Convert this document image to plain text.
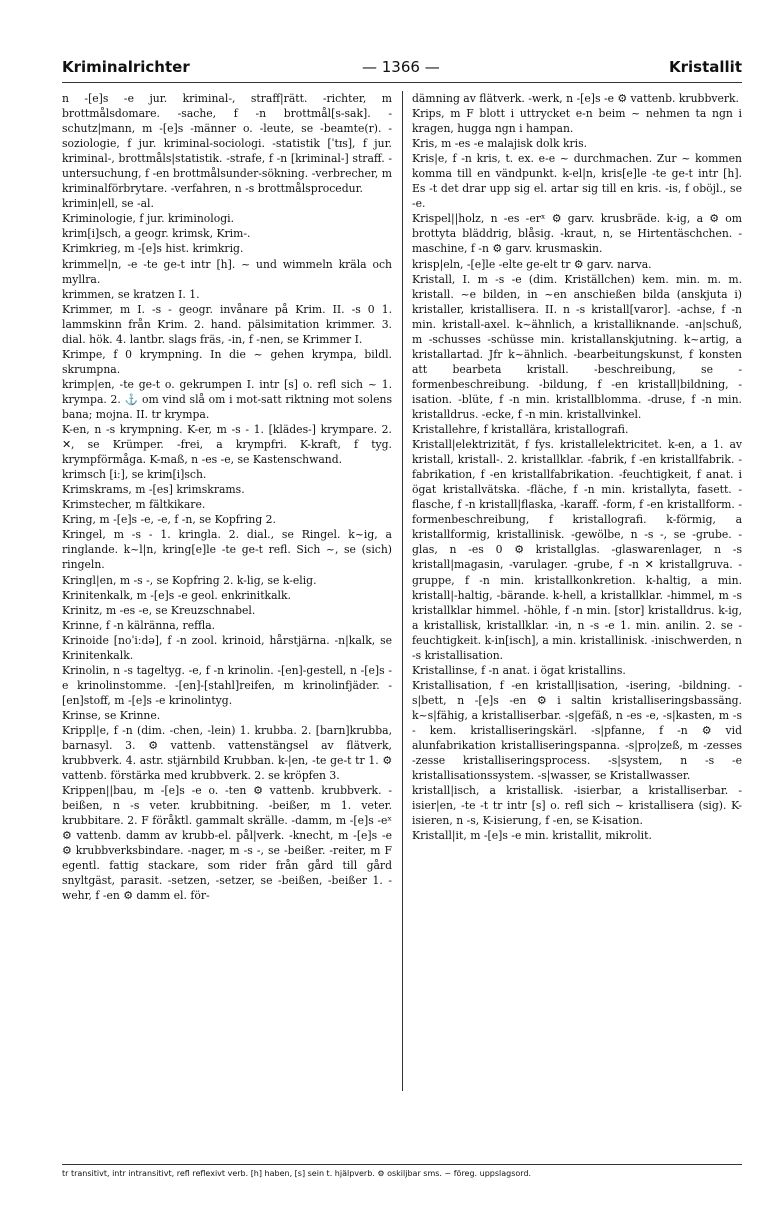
Kriminalrichter	— 1366 —	Kristallit

n -[e]s -e jur. kriminal-, straff|rätt. -richter, m brottmålsdomare. -sache, f -n brottmål[s-sak]. -schutz|mann, m -[e]s -männer o. -leute, se -beamte(r). -soziologie, f jur. kriminal-sociologi. -statistik [ˈtɪs], f jur. kriminal-, brottmåls|statistik. -strafe, f -n [kriminal-] straff. -untersuchung, f -en brottmålsunder-sökning. -verbrecher, m kriminalförbrytare. -verfahren, n -s brottmålsprocedur.

krimin|ell, se -al.

Kriminologie, f jur. kriminologi.

krim[i]sch, a geogr. krimsk, Krim-.

Krimkrieg, m -[e]s hist. krimkrig.

krimmel|n, -e -te ge-t intr [h]. ~ und wimmeln kräla och myllra.

krimmen, se kratzen I. 1.

Krimmer, m I. -s - geogr. invånare på Krim. II. -s 0 1. lammskinn från Krim. 2. hand. pälsimitation krimmer. 3. dial. hök. 4. lantbr. slags fräs, -in, f -nen, se Krimmer I.

Krimpe, f 0 krympning. In die ~ gehen krympa, bildl. skrumpna.

krimp|en, -te ge-t o. gekrumpen I. intr [s] o. refl sich ~ 1. krympa. 2. ⚓ om vind slå om i mot-satt riktning mot solens bana; mojna. II. tr krympa.

K-en, n -s krympning. K-er, m -s - 1. [klädes-] krympare. 2. ✕, se Krümper. -frei, a krympfri. K-kraft, f tyg. krympförmåga. K-maß, n -es -e, se Kastenschwand.

krimsch [iː], se krim[i]sch.

Krimskrams, m -[es] krimskrams.

Krimstecher, m fältkikare.

Kring, m -[e]s -e, -e, f -n, se Kopfring 2.

Kringel, m -s - 1. kringla. 2. dial., se Ringel. k~ig, a ringlande. k~l|n, kring[e]le -te ge-t refl. Sich ~, se (sich) ringeln.

Kringl|en, m -s -, se Kopfring 2. k-lig, se k-elig.

Krinitenkalk, m -[e]s -e geol. enkrinitkalk.

Krinitz, m -es -e, se Kreuzschnabel.

Krinne, f -n kälränna, reffla.

Krinoide [noˈiːdə], f -n zool. krinoid, hårstjärna. -n|kalk, se Krinitenkalk.

Krinolin, n -s tageltyg. -e, f -n krinolin. -[en]-gestell, n -[e]s -e krinolinstomme. -[en]-[stahl]reifen, m krinolinfjäder. -[en]stoff, m -[e]s -e krinolintyg.

Krinse, se Krinne.

Krippl|e, f -n (dim. -chen, -lein) 1. krubba. 2. [barn]krubba, barnasyl. 3. ⚙ vattenb. vattenstängsel av flätverk, krubbverk. 4. astr. stjärnbild Krubban. k-|en, -te ge-t tr 1. ⚙ vattenb. förstärka med krubbverk. 2. se kröpfen 3.

Krippen||bau, m -[e]s -e o. -ten ⚙ vattenb. krubbverk. -beißen, n -s veter. krubbitning. -beißer, m 1. veter. krubbitare. 2. F föråktl. gammalt skrälle. -damm, m -[e]s -eˣ ⚙ vattenb. damm av krubb-el. pål|verk. -knecht, m -[e]s -e ⚙ krubbverksbindare. -nager, m -s -, se -beißer. -reiter, m F egentl. fattig stackare, som rider från gård till gård snyltgäst, parasit. -setzen, -setzer, se -beißen, -beißer 1. -wehr, f -en ⚙ damm el. för-

dämning av flätverk. -werk, n -[e]s -e ⚙ vattenb. krubbverk.

Krips, m F blott i uttrycket e-n beim ~ nehmen ta ngn i kragen, hugga ngn i hampan.

Kris, m -es -e malajisk dolk kris.

Kris|e, f -n kris, t. ex. e-e ~ durchmachen. Zur ~ kommen komma till en vändpunkt. k-el|n, kris[e]le -te ge-t intr [h]. Es -t det drar upp sig el. artar sig till en kris. -is, f oböjl., se -e.

Krispel||holz, n -es -erˣ ⚙ garv. krusbräde. k-ig, a ⚙ om brottyta bläddrig, blåsig. -kraut, n, se Hirtentäschchen. -maschine, f -n ⚙ garv. krusmaskin.

krisp|eln, -[e]le -elte ge-elt tr ⚙ garv. narva.

Kristall, I. m -s -e (dim. Kriställchen) kem. min. m. m. kristall. ~e bilden, in ~en anschießen bilda (anskjuta i) kristaller, kristallisera. II. n -s kristall[varor]. -achse, f -n min. kristall-axel. k~ähnlich, a kristalliknande. -an|schuß, m -schusses -schüsse min. kristallanskjutning. k~artig, a kristallartad. Jfr k~ähnlich. -bearbeitungskunst, f konsten att bearbeta kristall. -beschreibung, se -formenbeschreibung. -bildung, f -en kristall|bildning, -isation. -blüte, f -n min. kristallblomma. -druse, f -n min. kristalldrus. -ecke, f -n min. kristallvinkel.

Kristallehre, f kristallära, kristallografi.

Kristall|elektrizität, f fys. kristallelektricitet. k-en, a 1. av kristall, kristall-. 2. kristallklar. -fabrik, f -en kristallfabrik. -fabrikation, f -en kristallfabrikation. -feuchtigkeit, f anat. i ögat kristallvätska. -fläche, f -n min. kristallyta, fasett. -flasche, f -n kristall|flaska, -karaff. -form, f -en kristallform. -formenbeschreibung, f kristallografi. k-förmig, a kristallformig, kristallinisk. -gewölbe, n -s -, se -grube. -glas, n -es 0 ⚙ kristallglas. -glaswarenlager, n -s kristall|magasin, -varulager. -grube, f -n ✕ kristallgruva. -gruppe, f -n min. kristallkonkretion. k-haltig, a min. kristall|-haltig, -bärande. k-hell, a kristallklar. -himmel, m -s kristallklar himmel. -höhle, f -n min. [stor] kristalldrus. k-ig, a kristallisk, kristallklar. -in, n -s -e 1. min. anilin. 2. se -feuchtigkeit. k-in[isch], a min. kristallinisk. -inischwerden, n -s kristallisation.

Kristallinse, f -n anat. i ögat kristallins.

Kristallisation, f -en kristall|isation, -isering, -bildning. -s|bett, n -[e]s -en ⚙ i saltin kristalliseringsbassäng. k~s|fähig, a kristalliserbar. -s|gefäß, n -es -e, -s|kasten, m -s - kem. kristalliseringskärl. -s|pfanne, f -n ⚙ vid alunfabrikation kristalliseringspanna. -s|pro|zeß, m -zesses -zesse kristalliseringsprocess. -s|system, n -s -e kristallisationssystem. -s|wasser, se Kristallwasser.

kristall|isch, a kristallisk. -isierbar, a kristalliserbar. -isier|en, -te -t tr intr [s] o. refl sich ~ kristallisera (sig). K-isieren, n -s, K-isierung, f -en, se K-isation.

Kristall|it, m -[e]s -e min. kristallit, mikrolit.

tr transitivt, intr intransitivt, refl reflexivt verb. [h] haben, [s] sein t. hjälpverb. ⚙ oskiljbar sms. ~ föreg. uppslagsord.
